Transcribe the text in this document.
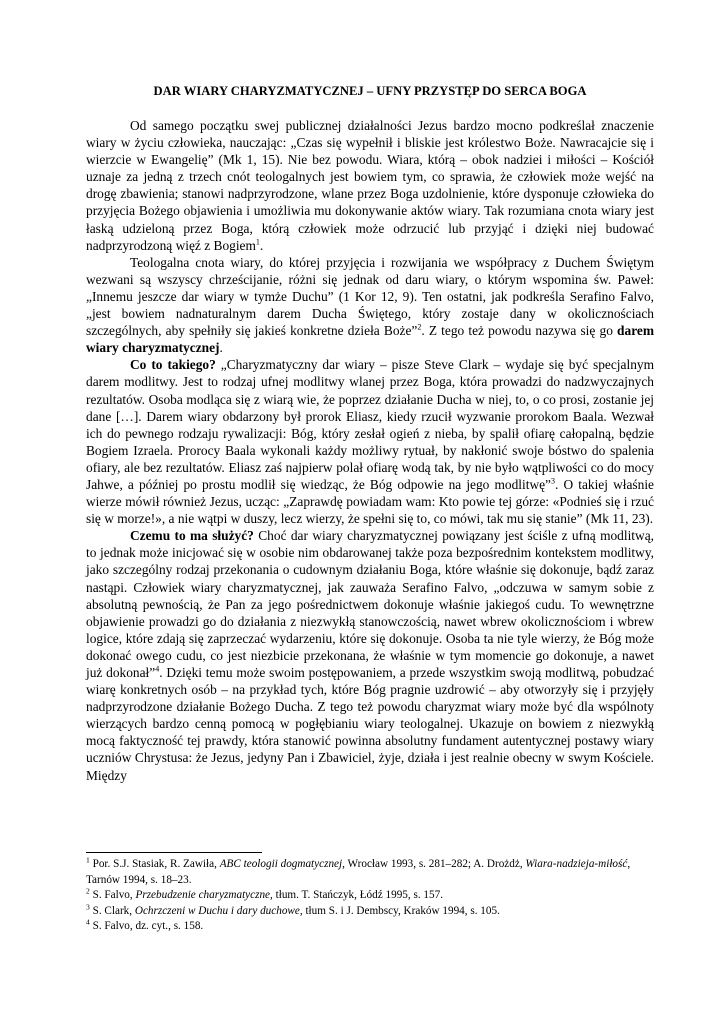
DAR WIARY CHARYZMATYCZNEJ – UFNY PRZYSTĘP DO SERCA BOGA

Od samego początku swej publicznej działalności Jezus bardzo mocno podkreślał znaczenie wiary w życiu człowieka, nauczając: „Czas się wypełnił i bliskie jest królestwo Boże. Nawracajcie się i wierzcie w Ewangelię” (Mk 1, 15). Nie bez powodu. Wiara, którą – obok nadziei i miłości – Kościół uznaje za jedną z trzech cnót teologalnych jest bowiem tym, co sprawia, że człowiek może wejść na drogę zbawienia; stanowi nadprzyrodzone, wlane przez Boga uzdolnienie, które dysponuje człowieka do przyjęcia Bożego objawienia i umożliwia mu dokonywanie aktów wiary. Tak rozumiana cnota wiary jest łaską udzieloną przez Boga, którą człowiek może odrzucić lub przyjąć i dzięki niej budować nadprzyrodzoną więź z Bogiem$^1$.

Teologalna cnota wiary, do której przyjęcia i rozwijania we współpracy z Duchem Świętym wezwani są wszyscy chrześcijanie, różni się jednak od daru wiary, o którym wspomina św. Paweł: „Innemu jeszcze dar wiary w tymże Duchu” (1 Kor 12, 9). Ten ostatni, jak podkreśla Serafino Falvo, „jest bowiem nadnaturalnym darem Ducha Świętego, który zostaje dany w okolicznościach szczególnych, aby spełniły się jakieś konkretne dzieła Boże”$^2$. Z tego też powodu nazywa się go darem wiary charyzmatycznej.

Co to takiego? „Charyzmatyczny dar wiary – pisze Steve Clark – wydaje się być specjalnym darem modlitwy. Jest to rodzaj ufnej modlitwy wlanej przez Boga, która prowadzi do nadzwyczajnych rezultatów. Osoba modląca się z wiarą wie, że poprzez działanie Ducha w niej, to, o co prosi, zostanie jej dane […]. Darem wiary obdarzony był prorok Eliasz, kiedy rzucił wyzwanie prorokom Baala. Wezwał ich do pewnego rodzaju rywalizacji: Bóg, który zesłał ogień z nieba, by spalił ofiarę całopalną, będzie Bogiem Izraela. Prorocy Baala wykonali każdy możliwy rytuał, by nakłonić swoje bóstwo do spalenia ofiary, ale bez rezultatów. Eliasz zaś najpierw polał ofiarę wodą tak, by nie było wątpliwości co do mocy Jahwe, a później po prostu modlił się wiedząc, że Bóg odpowie na jego modlitwę”$^3$. O takiej właśnie wierze mówił również Jezus, ucząc: „Zaprawdę powiadam wam: Kto powie tej górze: «Podnieś się i rzuć się w morze!», a nie wątpi w duszy, lecz wierzy, że spełni się to, co mówi, tak mu się stanie” (Mk 11, 23).

Czemu to ma służyć? Choć dar wiary charyzmatycznej powiązany jest ściśle z ufną modlitwą, to jednak może inicjować się w osobie nim obdarowanej także poza bezpośrednim kontekstem modlitwy, jako szczególny rodzaj przekonania o cudownym działaniu Boga, które właśnie się dokonuje, bądź zaraz nastąpi. Człowiek wiary charyzmatycznej, jak zauważa Serafino Falvo, „odczuwa w samym sobie z absolutną pewnością, że Pan za jego pośrednictwem dokonuje właśnie jakiegoś cudu. To wewnętrzne objawienie prowadzi go do działania z niezwykłą stanowczością, nawet wbrew okolicznościom i wbrew logice, które zdają się zaprzeczać wydarzeniu, które się dokonuje. Osoba ta nie tyle wierzy, że Bóg może dokonać owego cudu, co jest niezbicie przekonana, że właśnie w tym momencie go dokonuje, a nawet już dokonał”$^4$. Dzięki temu może swoim postępowaniem, a przede wszystkim swoją modlitwą, pobudzać wiarę konkretnych osób – na przykład tych, które Bóg pragnie uzdrowić – aby otworzyły się i przyjęły nadprzyrodzone działanie Bożego Ducha. Z tego też powodu charyzmat wiary może być dla wspólnoty wierzących bardzo cenną pomocą w pogłębianiu wiary teologalnej. Ukazuje on bowiem z niezwykłą mocą faktyczność tej prawdy, która stanowić powinna absolutny fundament autentycznej postawy wiary uczniów Chrystusa: że Jezus, jedyny Pan i Zbawiciel, żyje, działa i jest realnie obecny w swym Kościele. Między

$^1$ Por. S.J. Stasiak, R. Zawiła, ABC teologii dogmatycznej, Wrocław 1993, s. 281–282; A. Drożdż, Wiara-nadzieja-miłość, Tarnów 1994, s. 18–23.
$^2$ S. Falvo, Przebudzenie charyzmatyczne, tłum. T. Stańczyk, Łódź 1995, s. 157.
$^3$ S. Clark, Ochrzczeni w Duchu i dary duchowe, tłum S. i J. Dembscy, Kraków 1994, s. 105.
$^4$ S. Falvo, dz. cyt., s. 158.
